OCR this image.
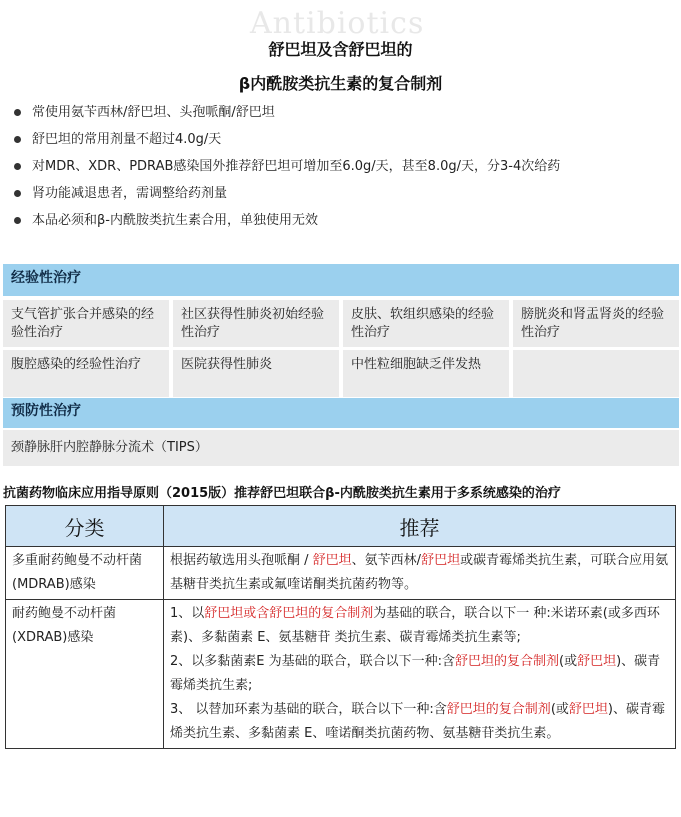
Antibiotics
舒巴坦及含舒巴坦的
β内酰胺类抗生素的复合制剂
常使用氨苄西林/舒巴坦、头孢哌酮/舒巴坦
舒巴坦的常用剂量不超过4.0g/天
对MDR、XDR、PDRAB感染国外推荐舒巴坦可增加至6.0g/天，甚至8.0g/天，分3-4次给药
肾功能减退患者，需调整给药剂量
本品必须和β-内酰胺类抗生素合用，单独使用无效
经验性治疗
支气管扩张合并感染的经验性治疗
社区获得性肺炎初始经验性治疗
皮肤、软组织感染的经验性治疗
膀胱炎和肾盂肾炎的经验性治疗
腹腔感染的经验性治疗	医院获得性肺炎	中性粒细胞缺乏伴发热
预防性治疗
颈静脉肝内腔静脉分流术（TIPS）
抗菌药物临床应用指导原则（2015版）推荐舒巴坦联合β-内酰胺类抗生素用于多系统感染的治疗
分类	推荐
多重耐药鲍曼不动杆菌 (MDRAB)感染	根据药敏选用头孢哌酮 / 舒巴坦、氨苄西林/舒巴坦或碳青霉烯类抗生素，可联合应用氨基糖苷类抗生素或氟喹诺酮类抗菌药物等。
耐药鲍曼不动杆菌(XDRAB)感染	1、以舒巴坦或含舒巴坦的复合制剂为基础的联合，联合以下一 种:米诺环素(或多西环素)、多黏菌素 E、氨基糖苷 类抗生素、碳青霉烯类抗生素等;
2、以多黏菌素E 为基础的联合，联合以下一种:含舒巴坦的复合制剂(或舒巴坦)、碳青霉烯类抗生素;
3、 以替加环素为基础的联合，联合以下一种:含舒巴坦的复合制剂(或舒巴坦)、碳青霉烯类抗生素、多黏菌素 E、喹诺酮类抗菌药物、氨基糖苷类抗生素。
